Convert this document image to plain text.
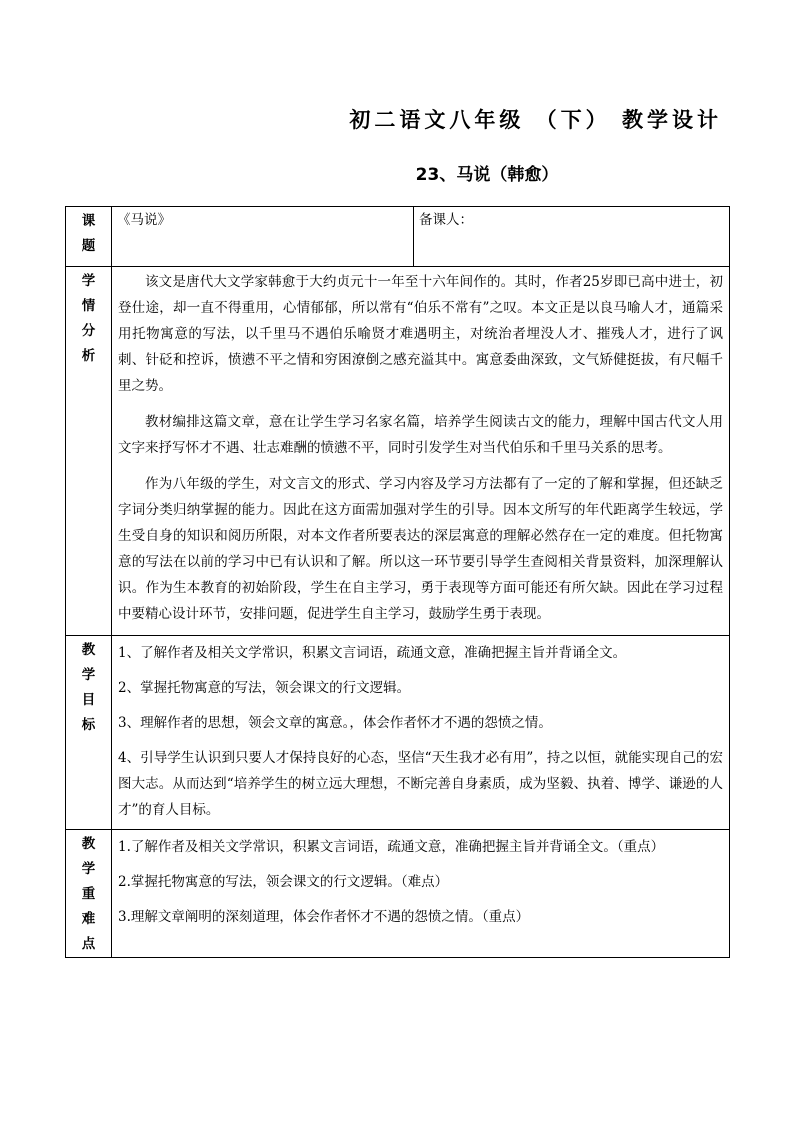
初二语文八年级 （下） 教学设计
23、马说（韩愈）
课题	《马说》	备课人：

学情分析	该文是唐代大文学家韩愈于大约贞元十一年至十六年间作的。其时，作者25岁即已高中进士，初登仕途，却一直不得重用，心情郁郁，所以常有“伯乐不常有”之叹。本文正是以良马喻人才，通篇采用托物寓意的写法，以千里马不遇伯乐喻贤才难遇明主，对统治者埋没人才、摧残人才，进行了讽刺、针砭和控诉，愤懑不平之情和穷困潦倒之感充溢其中。寓意委曲深致，文气矫健挺拔，有尺幅千里之势。

教材编排这篇文章，意在让学生学习名家名篇，培养学生阅读古文的能力，理解中国古代文人用文字来抒写怀才不遇、壮志难酬的愤懑不平，同时引发学生对当代伯乐和千里马关系的思考。

作为八年级的学生，对文言文的形式、学习内容及学习方法都有了一定的了解和掌握，但还缺乏字词分类归纳掌握的能力。因此在这方面需加强对学生的引导。因本文所写的年代距离学生较远，学生受自身的知识和阅历所限，对本文作者所要表达的深层寓意的理解必然存在一定的难度。但托物寓意的写法在以前的学习中已有认识和了解。所以这一环节要引导学生查阅相关背景资料，加深理解认识。作为生本教育的初始阶段，学生在自主学习，勇于表现等方面可能还有所欠缺。因此在学习过程中要精心设计环节，安排问题，促进学生自主学习，鼓励学生勇于表现。	

教学目标	1、了解作者及相关文学常识，积累文言词语，疏通文意，准确把握主旨并背诵全文。

2、掌握托物寓意的写法，领会课文的行文逻辑。

3、理解作者的思想，领会文章的寓意。，体会作者怀才不遇的怨愤之情。

4、引导学生认识到只要人才保持良好的心态，坚信“天生我才必有用”，持之以恒，就能实现自己的宏图大志。从而达到“培养学生的树立远大理想，不断完善自身素质，成为坚毅、执着、博学、谦逊的人才”的育人目标。	

教学重难点	1.了解作者及相关文学常识，积累文言词语，疏通文意，准确把握主旨并背诵全文。（重点）

2.掌握托物寓意的写法，领会课文的行文逻辑。（难点）

3.理解文章阐明的深刻道理，体会作者怀才不遇的怨愤之情。（重点）	
